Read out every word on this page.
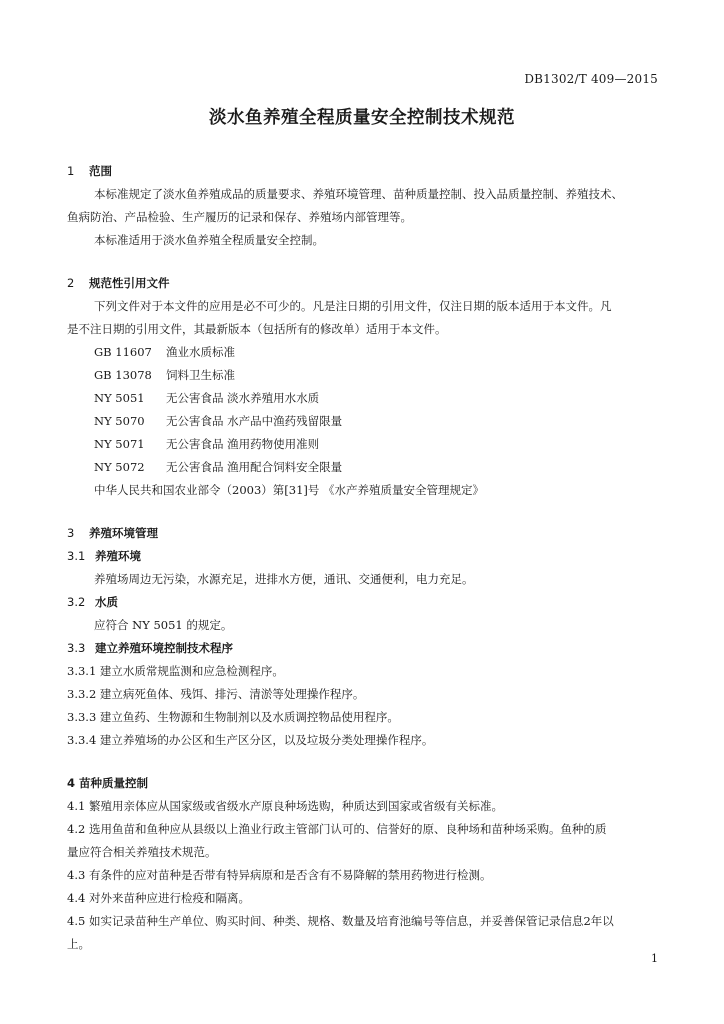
DB1302/T 409—2015
淡水鱼养殖全程质量安全控制技术规范
1 范围
本标准规定了淡水鱼养殖成品的质量要求、养殖环境管理、苗种质量控制、投入品质量控制、养殖技术、
鱼病防治、产品检验、生产履历的记录和保存、养殖场内部管理等。
本标准适用于淡水鱼养殖全程质量安全控制。
2 规范性引用文件
下列文件对于本文件的应用是必不可少的。凡是注日期的引用文件，仅注日期的版本适用于本文件。凡
是不注日期的引用文件，其最新版本（包括所有的修改单）适用于本文件。
GB 11607 渔业水质标准
GB 13078 饲料卫生标准
NY 5051 无公害食品 淡水养殖用水水质
NY 5070 无公害食品 水产品中渔药残留限量
NY 5071 无公害食品 渔用药物使用准则
NY 5072 无公害食品 渔用配合饲料安全限量
中华人民共和国农业部令（2003）第[31]号 《水产养殖质量安全管理规定》
3 养殖环境管理
3.1 养殖环境
养殖场周边无污染，水源充足，进排水方便，通讯、交通便利，电力充足。
3.2 水质
应符合 NY 5051 的规定。
3.3 建立养殖环境控制技术程序
3.3.1 建立水质常规监测和应急检测程序。
3.3.2 建立病死鱼体、残饵、排污、清淤等处理操作程序。
3.3.3 建立鱼药、生物源和生物制剂以及水质调控物品使用程序。
3.3.4 建立养殖场的办公区和生产区分区，以及垃圾分类处理操作程序。
4 苗种质量控制
4.1 繁殖用亲体应从国家级或省级水产原良种场选购，种质达到国家或省级有关标准。
4.2 选用鱼苗和鱼种应从县级以上渔业行政主管部门认可的、信誉好的原、良种场和苗种场采购。鱼种的质
量应符合相关养殖技术规范。
4.3 有条件的应对苗种是否带有特异病原和是否含有不易降解的禁用药物进行检测。
4.4 对外来苗种应进行检疫和隔离。
4.5 如实记录苗种生产单位、购买时间、种类、规格、数量及培育池编号等信息，并妥善保管记录信息2年以
上。
1
